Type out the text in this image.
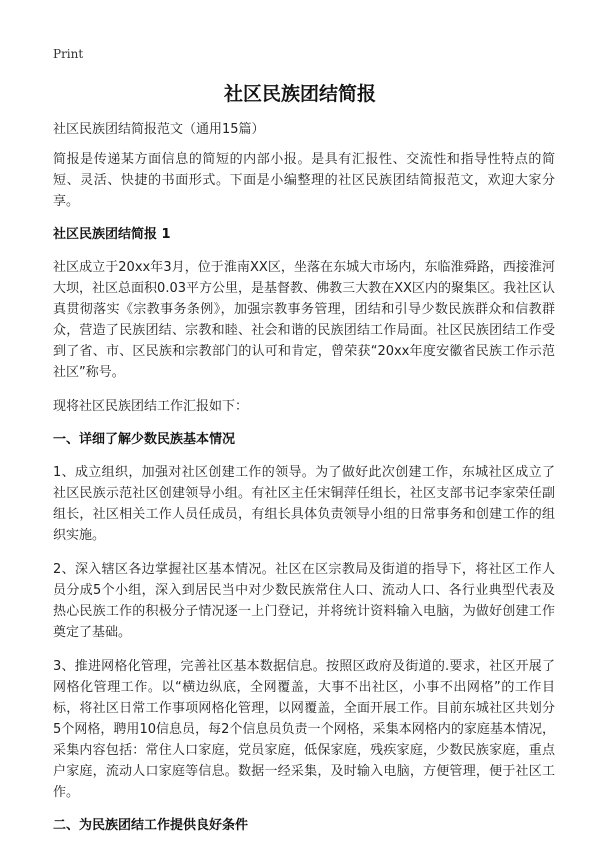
Print
社区民族团结简报

社区民族团结简报范文（通用15篇）

简报是传递某方面信息的简短的内部小报。是具有汇报性、交流性和指导性特点的简短、灵活、快捷的书面形式。下面是小编整理的社区民族团结简报范文，欢迎大家分享。

社区民族团结简报 1

社区成立于20xx年3月，位于淮南XX区，坐落在东城大市场内，东临淮舜路，西接淮河大坝，社区总面积0.03平方公里，是基督教、佛教三大教在XX区内的聚集区。我社区认真贯彻落实《宗教事务条例》，加强宗教事务管理，团结和引导少数民族群众和信教群众，营造了民族团结、宗教和睦、社会和谐的民族团结工作局面。社区民族团结工作受到了省、市、区民族和宗教部门的认可和肯定，曾荣获“20xx年度安徽省民族工作示范社区”称号。

现将社区民族团结工作汇报如下：

一、详细了解少数民族基本情况

1、成立组织，加强对社区创建工作的领导。为了做好此次创建工作，东城社区成立了社区民族示范社区创建领导小组。有社区主任宋铜萍任组长，社区支部书记李家荣任副组长，社区相关工作人员任成员，有组长具体负责领导小组的日常事务和创建工作的组织实施。

2、深入辖区各边掌握社区基本情况。社区在区宗教局及街道的指导下，将社区工作人员分成5个小组，深入到居民当中对少数民族常住人口、流动人口、各行业典型代表及热心民族工作的积极分子情况逐一上门登记，并将统计资料输入电脑，为做好创建工作奠定了基础。

3、推进网格化管理，完善社区基本数据信息。按照区政府及街道的.要求，社区开展了网格化管理工作。以“横边纵底，全网覆盖，大事不出社区，小事不出网格”的工作目标，将社区日常工作事项网格化管理，以网覆盖，全面开展工作。目前东城社区共划分5个网格，聘用10信息员，每2个信息员负责一个网格，采集本网格内的家庭基本情况，采集内容包括：常住人口家庭，党员家庭，低保家庭，残疾家庭，少数民族家庭，重点户家庭，流动人口家庭等信息。数据一经采集，及时输入电脑，方便管理，便于社区工作。

二、为民族团结工作提供良好条件
